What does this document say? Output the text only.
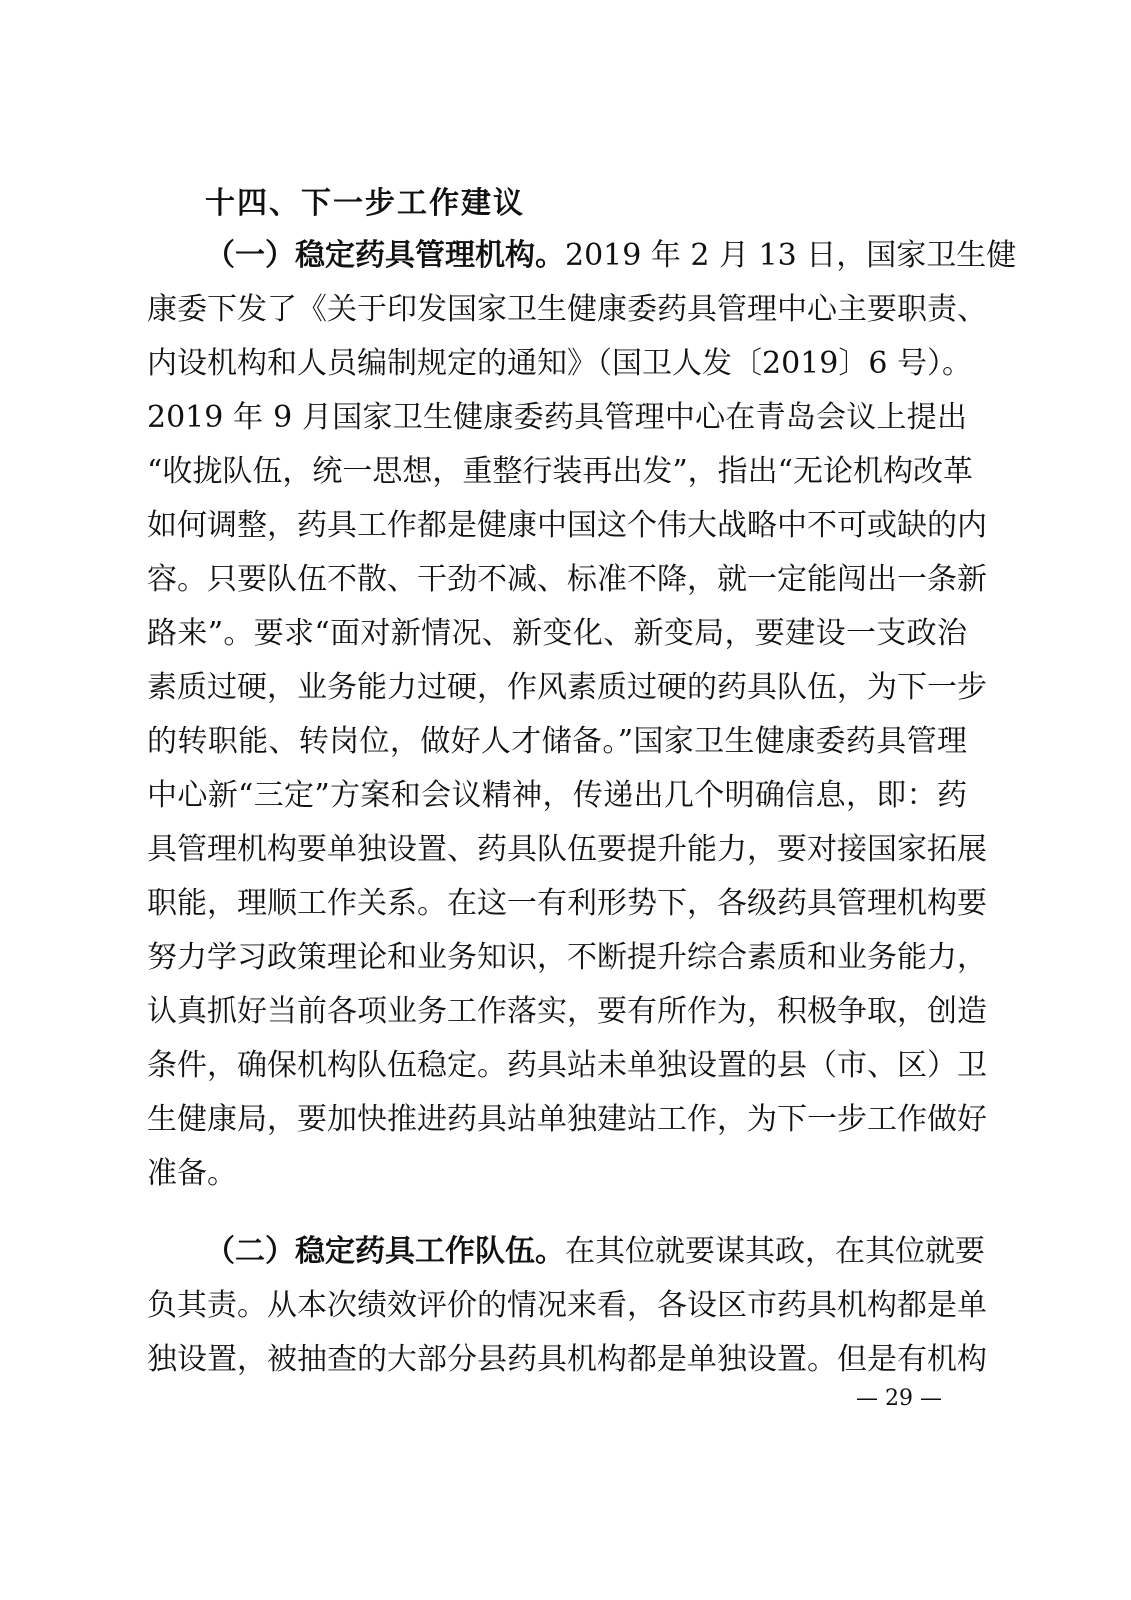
十四、下一步工作建议
（一）稳定药具管理机构。2019 年 2 月 13 日，国家卫生健
康委下发了《关于印发国家卫生健康委药具管理中心主要职责、
内设机构和人员编制规定的通知》（国卫人发〔2019〕6 号）。
2019 年 9 月国家卫生健康委药具管理中心在青岛会议上提出
“收拢队伍，统一思想，重整行装再出发”，指出“无论机构改革
如何调整，药具工作都是健康中国这个伟大战略中不可或缺的内
容。只要队伍不散、干劲不减、标准不降，就一定能闯出一条新
路来”。要求“面对新情况、新变化、新变局，要建设一支政治
素质过硬，业务能力过硬，作风素质过硬的药具队伍，为下一步
的转职能、转岗位，做好人才储备。”国家卫生健康委药具管理
中心新“三定”方案和会议精神，传递出几个明确信息，即：药
具管理机构要单独设置、药具队伍要提升能力，要对接国家拓展
职能，理顺工作关系。在这一有利形势下，各级药具管理机构要
努力学习政策理论和业务知识，不断提升综合素质和业务能力，
认真抓好当前各项业务工作落实，要有所作为，积极争取，创造
条件，确保机构队伍稳定。药具站未单独设置的县（市、区）卫
生健康局，要加快推进药具站单独建站工作，为下一步工作做好
准备。
（二）稳定药具工作队伍。在其位就要谋其政，在其位就要
负其责。从本次绩效评价的情况来看，各设区市药具机构都是单
独设置，被抽查的大部分县药具机构都是单独设置。但是有机构
— 29 —
